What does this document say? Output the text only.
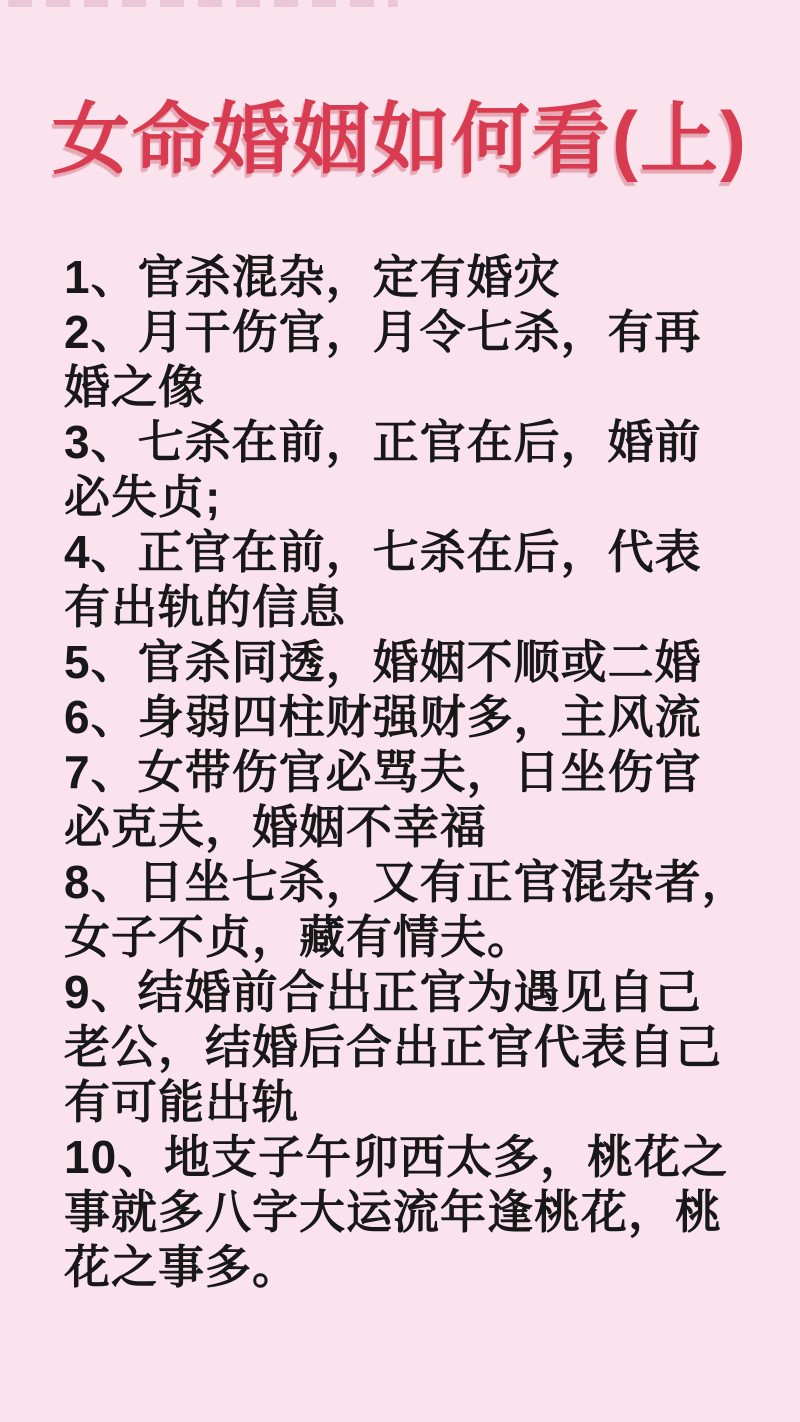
女命婚姻如何看(上)
1、官杀混杂，定有婚灾
2、月干伤官，月令七杀，有再
婚之像
3、七杀在前，正官在后，婚前
必失贞;
4、正官在前，七杀在后，代表
有出轨的信息
5、官杀同透，婚姻不顺或二婚
6、身弱四柱财强财多，主风流
7、女带伤官必骂夫，日坐伤官
必克夫，婚姻不幸福
8、日坐七杀，又有正官混杂者，
女子不贞，藏有情夫。
9、结婚前合出正官为遇见自己
老公，结婚后合出正官代表自己
有可能出轨
10、地支子午卯西太多，桃花之
事就多八字大运流年逢桃花，桃
花之事多。
